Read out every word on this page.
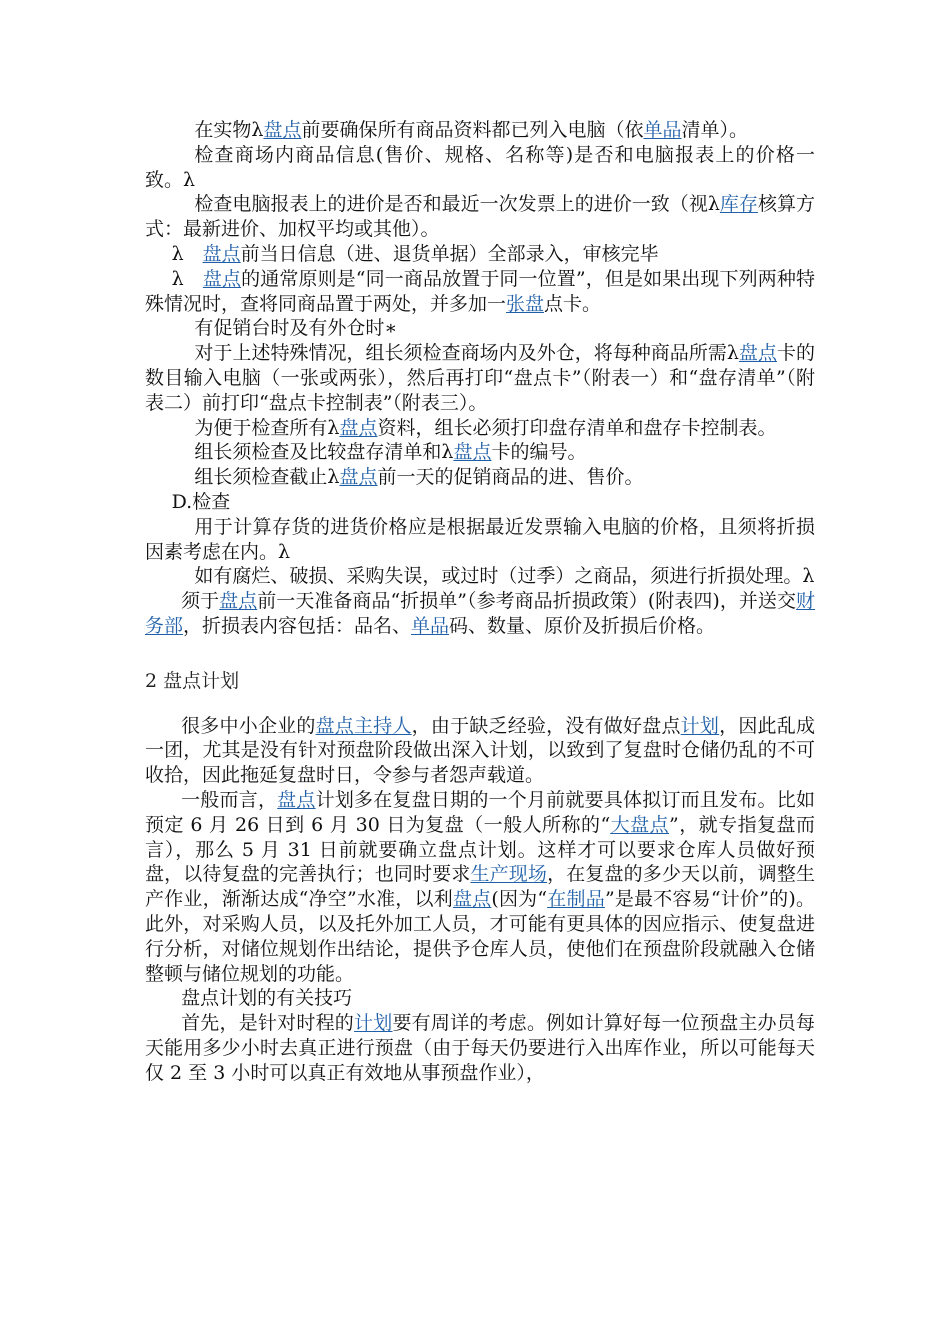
在实物λ盘点前要确保所有商品资料都已列入电脑（依单品清单）。

检查商场内商品信息(售价、规格、名称等)是否和电脑报表上的价格一致。λ

检查电脑报表上的进价是否和最近一次发票上的进价一致（视λ库存核算方式：最新进价、加权平均或其他）。

λ　盘点前当日信息（进、退货单据）全部录入，审核完毕

λ　盘点的通常原则是“同一商品放置于同一位置”，但是如果出现下列两种特殊情况时，查将同商品置于两处，并多加一张盘点卡。

有促销台时及有外仓时∗

对于上述特殊情况，组长须检查商场内及外仓，将每种商品所需λ盘点卡的数目输入电脑（一张或两张），然后再打印“盘点卡”（附表一）和“盘存清单”（附表二）前打印“盘点卡控制表”（附表三）。

为便于检查所有λ盘点资料，组长必须打印盘存清单和盘存卡控制表。

组长须检查及比较盘存清单和λ盘点卡的编号。

组长须检查截止λ盘点前一天的促销商品的进、售价。

D.检查

用于计算存货的进货价格应是根据最近发票输入电脑的价格，且须将折损因素考虑在内。λ

如有腐烂、破损、采购失误，或过时（过季）之商品，须进行折损处理。λ

须于盘点前一天准备商品“折损单”（参考商品折损政策）(附表四)，并送交财务部，折损表内容包括：品名、单品码、数量、原价及折损后价格。

2 盘点计划

很多中小企业的盘点主持人，由于缺乏经验，没有做好盘点计划，因此乱成一团，尤其是没有针对预盘阶段做出深入计划，以致到了复盘时仓储仍乱的不可收拾，因此拖延复盘时日，令参与者怨声载道。

一般而言，盘点计划多在复盘日期的一个月前就要具体拟订而且发布。比如预定 6 月 26 日到 6 月 30 日为复盘（一般人所称的“大盘点”，就专指复盘而言），那么 5 月 31 日前就要确立盘点计划。这样才可以要求仓库人员做好预盘，以待复盘的完善执行；也同时要求生产现场，在复盘的多少天以前，调整生产作业，渐渐达成“净空”水准，以利盘点(因为“在制品”是最不容易“计价”的)。此外，对采购人员，以及托外加工人员，才可能有更具体的因应指示、使复盘进行分析，对储位规划作出结论，提供予仓库人员，使他们在预盘阶段就融入仓储整顿与储位规划的功能。

盘点计划的有关技巧

首先，是针对时程的计划要有周详的考虑。例如计算好每一位预盘主办员每天能用多少小时去真正进行预盘（由于每天仍要进行入出库作业，所以可能每天仅 2 至 3 小时可以真正有效地从事预盘作业），
